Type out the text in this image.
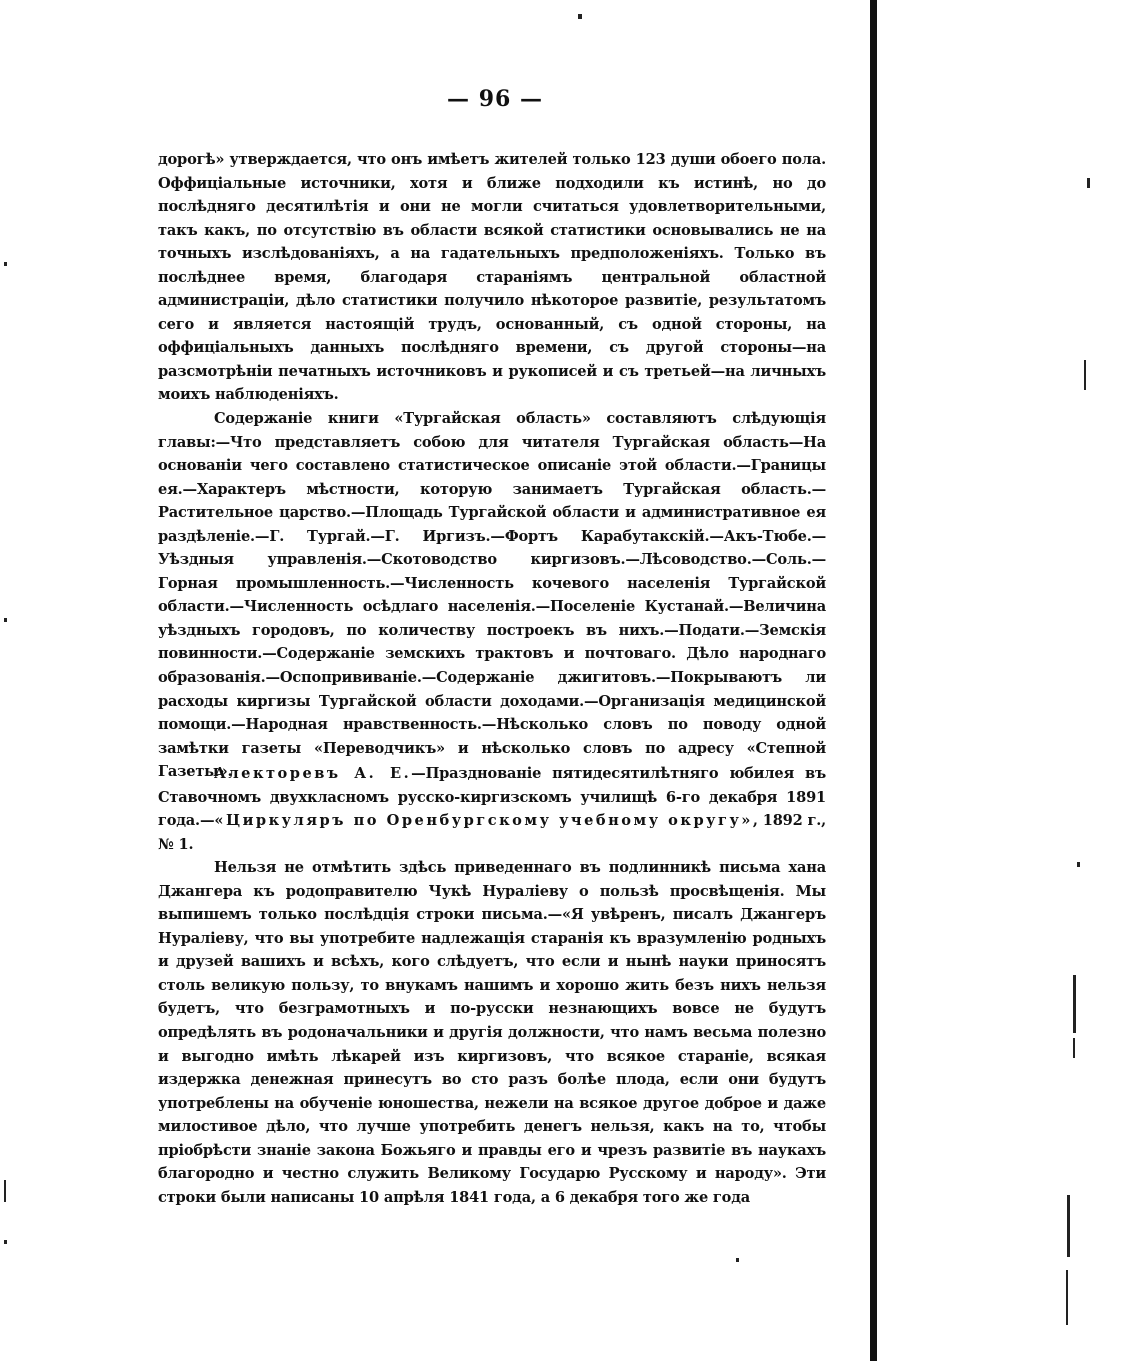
— 96 —

дорогѣ» утверждается, что онъ имѣетъ жителей только 123 души обоего пола. Оффиціальные источники, хотя и ближе подходили къ истинѣ, но до послѣдняго десятилѣтія и они не могли считаться удовлетворительными, такъ какъ, по отсутствію въ области всякой статистики основывались не на точныхъ изслѣдованіяхъ, а на гадательныхъ предположеніяхъ. Только въ послѣднее время, благодаря стараніямъ центральной областной администраціи, дѣло статистики получило нѣкоторое развитіе, результатомъ сего и является настоящій трудъ, основанный, съ одной стороны, на оффиціальныхъ данныхъ послѣдняго времени, съ другой стороны—на разсмотрѣніи печатныхъ источниковъ и рукописей и съ третьей—на личныхъ моихъ наблюденіяхъ.

Содержаніе книги «Тургайская область» составляютъ слѣдующія главы:—Что представляетъ собою для читателя Тургайская область—На основаніи чего составлено статистическое описаніе этой области.—Границы ея.—Характеръ мѣстности, которую занимаетъ Тургайская область.—Растительное царство.—Площадь Тургайской области и административное ея раздѣленіе.—Г. Тургай.—Г. Иргизъ.—Фортъ Карабутакскій.—Акъ-Тюбе.—Уѣздныя управленія.—Скотоводство киргизовъ.—Лѣсоводство.—Соль.—Горная промышленность.—Численность кочевого населенія Тургайской области.—Численность осѣдлаго населенія.—Поселеніе Кустанай.—Величина уѣздныхъ городовъ, по количеству построекъ въ нихъ.—Подати.—Земскія повинности.—Содержаніе земскихъ трактовъ и почтоваго. Дѣло народнаго образованія.—Оспопрививаніе.—Содержаніе джигитовъ.—Покрываютъ ли расходы киргизы Тургайской области доходами.—Организація медицинской помощи.—Народная нравственность.—Нѣсколько словъ по поводу одной замѣтки газеты «Переводчикъ» и нѣсколько словъ по адресу «Степной Газеты».

Алекторевъ А. Е.—Празднованіе пятидесятилѣтняго юбилея въ Ставочномъ двухкласномъ русско-киргизскомъ училищѣ 6-го декабря 1891 года.—«Циркуляръ по Оренбургскому учебному округу», 1892 г., № 1.

Нельзя не отмѣтить здѣсь приведеннаго въ подлинникѣ письма хана Джангера къ родоправителю Чукѣ Нураліеву о пользѣ просвѣщенія. Мы выпишемъ только послѣдція строки письма.—«Я увѣренъ, писалъ Джангеръ Нураліеву, что вы употребите надлежащія старанія къ вразумленію родныхъ и друзей вашихъ и всѣхъ, кого слѣдуетъ, что если и нынѣ науки приносятъ столь великую пользу, то внукамъ нашимъ и хорошо жить безъ нихъ нельзя будетъ, что безграмотныхъ и по-русски незнающихъ вовсе не будутъ опредѣлять въ родоначальники и другія должности, что намъ весьма полезно и выгодно имѣть лѣкарей изъ киргизовъ, что всякое стараніе, всякая издержка денежная принесутъ во сто разъ болѣе плода, если они будутъ употреблены на обученіе юношества, нежели на всякое другое доброе и даже милостивое дѣло, что лучше употребить денегъ нельзя, какъ на то, чтобы пріобрѣсти знаніе закона Божьяго и правды его и чрезъ развитіе въ наукахъ благородно и честно служить Великому Государю Русскому и народу». Эти строки были написаны 10 апрѣля 1841 года, а 6 декабря того же года
